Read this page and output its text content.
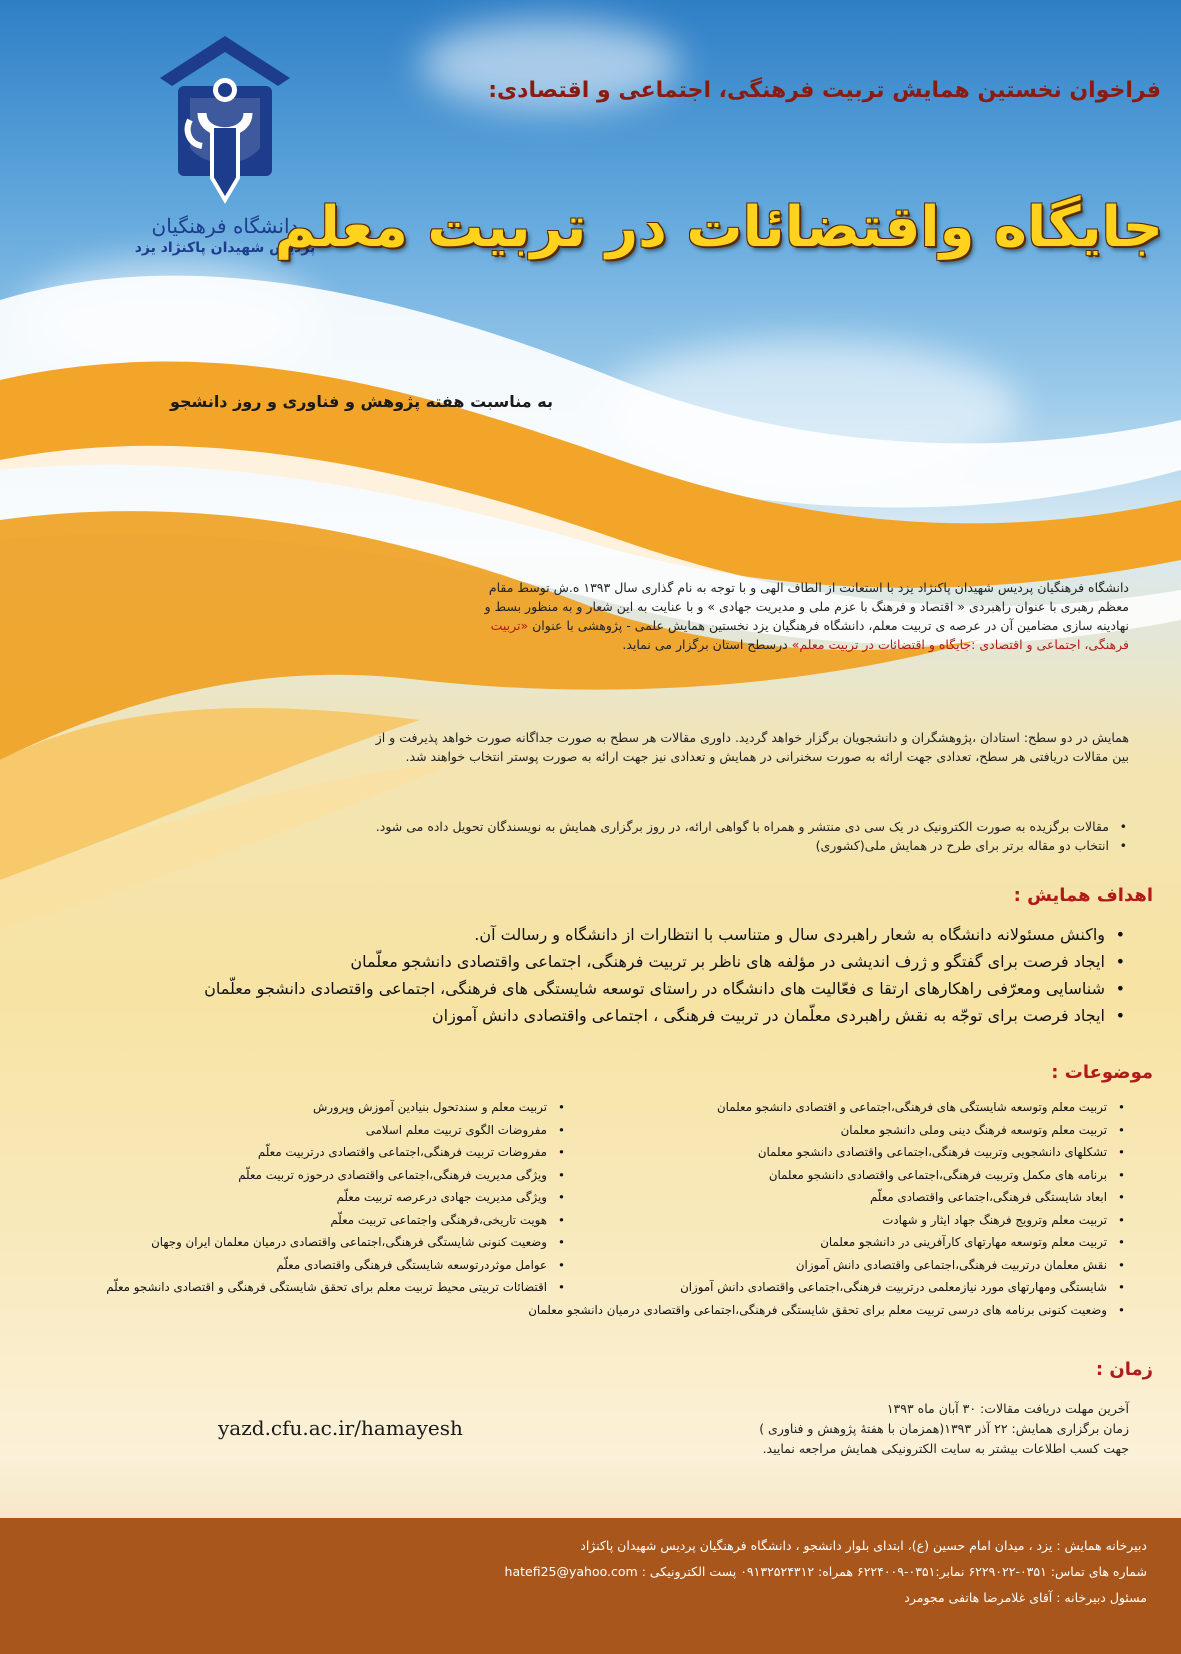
دانشگاه فرهنگیان
پردیس شهیدان پاکنژاد یزد
فراخوان نخستین همایش تربیت فرهنگی، اجتماعی و اقتصادی:
جایگاه واقتضائات در تربیت معلم
به مناسبت هفته پژوهش و فناوری و روز دانشجو
دانشگاه فرهنگیان پردیس شهیدان پاکنژاد یزد با استعانت از الطاف الهی و با توجه به نام گذاری سال ۱۳۹۳ ه.ش توسط مقام معظم رهبری با عنوان راهبردی « اقتصاد و فرهنگ با عزم ملی و مدیریت جهادی » و با عنایت به این شعار و به منظور بسط و نهادینه سازی مضامین آن در عرصه ی تربیت معلم، دانشگاه فرهنگیان یزد نخستین همایش علمی - پژوهشی با عنوان «تربیت فرهنگی، اجتماعی و اقتصادی :جایگاه و اقتضائات در تربیت معلم» درسطح استان برگزار می نماید.
همایش در دو سطح: استادان ،پژوهشگران و دانشجویان برگزار خواهد گردید. داوری مقالات هر سطح به صورت جداگانه صورت خواهد پذیرفت و از بین مقالات دریافتی هر سطح، تعدادی جهت ارائه به صورت سخنرانی در همایش و تعدادی نیز جهت ارائه به صورت پوستر انتخاب خواهند شد.
• مقالات برگزیده به صورت الکترونیک در یک سی دی منتشر و همراه با گواهی ارائه، در روز برگزاری همایش به نویسندگان تحویل داده می شود.
• انتخاب دو مقاله برتر برای طرح در همایش ملی(کشوری)
اهداف همایش :
• واکنش مسئولانه دانشگاه به شعار راهبردی سال و متناسب با انتظارات از دانشگاه و رسالت آن.
• ایجاد فرصت برای گفتگو و ژرف اندیشی در مؤلفه های ناظر بر تربیت فرهنگی، اجتماعی واقتصادی دانشجو معلّمان
• شناسایی ومعرّفی راهکارهای ارتقا ی فعّالیت های دانشگاه در راستای توسعه شایستگی های فرهنگی، اجتماعی واقتصادی دانشجو معلّمان
• ایجاد فرصت برای توجّه به نقش راهبردی معلّمان در تربیت فرهنگی ، اجتماعی واقتصادی دانش آموزان
موضوعات :
• تربیت معلم وتوسعه شایستگی های فرهنگی،اجتماعی و اقتصادی دانشجو معلمان
• تربیت معلم وتوسعه فرهنگ دینی وملی دانشجو معلمان
• تشکلهای دانشجویی وتربیت فرهنگی،اجتماعی واقتصادی دانشجو معلمان
• برنامه های مکمل وتربیت فرهنگی،اجتماعی واقتصادی دانشجو معلمان
• ابعاد شایستگی فرهنگی،اجتماعی واقتصادی معلّم
• تربیت معلم وترویج فرهنگ جهاد ایثار و شهادت
• تربیت معلم وتوسعه مهارتهای کارآفرینی در دانشجو معلمان
• نقش معلمان درتربیت فرهنگی،اجتماعی واقتصادی دانش آموزان
• شایستگی ومهارتهای مورد نیازمعلمی درتربیت فرهنگی،اجتماعی واقتصادی دانش آموزان
• وضعیت کنونی برنامه های درسی تربیت معلم برای تحقق شایستگی فرهنگی،اجتماعی واقتصادی درمیان دانشجو معلمان
• تربیت معلم و سندتحول بنیادین آموزش وپرورش
• مفروضات الگوی تربیت معلم اسلامی
• مفروضات تربیت فرهنگی،اجتماعی واقتصادی درتربیت معلّم
• ویژگی مدیریت فرهنگی،اجتماعی واقتصادی درحوزه تربیت معلّم
• ویژگی مدیریت جهادی درعرصه تربیت معلّم
• هویت تاریخی،فرهنگی واجتماعی تربیت معلّم
• وضعیت کنونی شایستگی فرهنگی،اجتماعی واقتصادی درمیان معلمان ایران وجهان
• عوامل موثردرتوسعه شایستگی فرهنگی واقتصادی معلّم
• اقتضائات تربیتی محیط تربیت معلم برای تحقق شایستگی فرهنگی و اقتصادی دانشجو معلّم
زمان :
آخرین مهلت دریافت مقالات: ۳۰ آبان ماه ۱۳۹۳
زمان برگزاری همایش: ۲۲ آذر ۱۳۹۳(همزمان با هفتهٔ پژوهش و فناوری )
جهت کسب اطلاعات بیشتر به سایت الکترونیکی همایش مراجعه نمایید.
yazd.cfu.ac.ir/hamayesh
دبیرخانه همایش : یزد ، میدان امام حسین (ع)، ابتدای بلوار دانشجو ، دانشگاه فرهنگیان پردیس شهیدان پاکنژاد
شماره های تماس: ۰۳۵۱-۶۲۲۹۰۲۲ نمابر:۰۳۵۱-۶۲۲۴۰۰۹ همراه: ۰۹۱۳۲۵۲۴۳۱۲ پست الکترونیکی : hatefi25@yahoo.com
مسئول دبیرخانه : آقای غلامرضا هاتفی مجومرد
